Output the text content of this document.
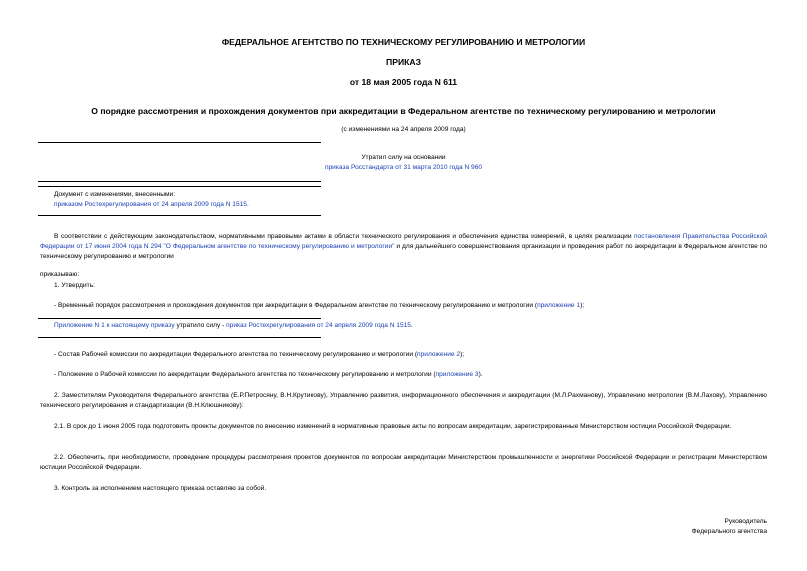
ФЕДЕРАЛЬНОЕ АГЕНТСТВО ПО ТЕХНИЧЕСКОМУ РЕГУЛИРОВАНИЮ И МЕТРОЛОГИИ
ПРИКАЗ
от 18 мая 2005 года N 611
О порядке рассмотрения и прохождения документов при аккредитации в Федеральном агентстве по техническому регулированию и метрологии
(с изменениями на 24 апреля 2009 года)
Утратил силу на основании
приказа Росстандарта от 31 марта 2010 года N 960
Документ с изменениями, внесенными:
приказом Ростехрегулирования от 24 апреля 2009 года N 1515.
В соответствии с действующим законодательством, нормативными правовыми актами в области технического регулирования и обеспечения единства измерений, в целях реализации постановления Правительства Российской Федерации от 17 июня 2004 года N 294 "О Федеральном агентстве по техническому регулированию и метрологии" и для дальнейшего совершенствования организации и проведения работ по аккредитации в Федеральном агентстве по техническому регулированию и метрологии
приказываю:
1. Утвердить:
- Временный порядок рассмотрения и прохождения документов при аккредитации в Федеральном агентстве по техническому регулированию и метрологии (приложение 1);
Приложение N 1 к настоящему приказу утратило силу - приказ Ростехрегулирования от 24 апреля 2009 года N 1515.
- Состав Рабочей комиссии по аккредитации Федерального агентства по техническому регулированию и метрологии (приложение 2);
- Положение о Рабочей комиссии по аккредитации Федерального агентства по техническому регулированию и метрологии (приложение 3).
2. Заместителям Руководителя Федерального агентства (Е.Р.Петросяну, В.Н.Крутикову), Управлению развития, информационного обеспечения и аккредитации (М.Л.Рахманову), Управлению метрологии (В.М.Лахову), Управлению технического регулирования и стандартизации (В.Н.Клюшникову):
2.1. В срок до 1 июня 2005 года подготовить проекты документов по внесению изменений в нормативные правовые акты по вопросам аккредитации, зарегистрированные Министерством юстиции Российской Федерации.
2.2. Обеспечить, при необходимости, проведение процедуры рассмотрения проектов документов по вопросам аккредитации Министерством промышленности и энергетики Российской Федерации и регистрации Министерством юстиции Российской Федерации.
3. Контроль за исполнением настоящего приказа оставляю за собой.
Руководитель
Федерального агентства
